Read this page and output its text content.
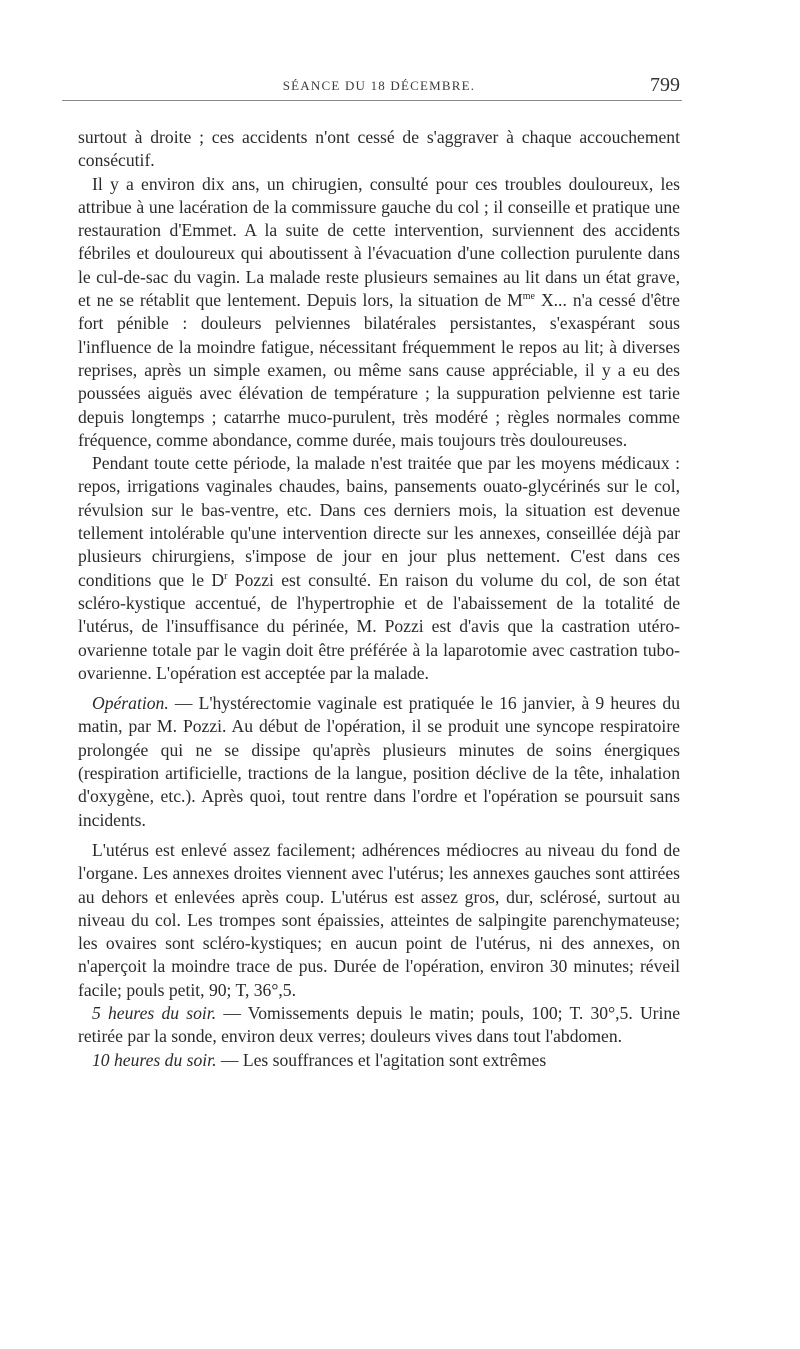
SÉANCE DU 18 DÉCEMBRE.	799

surtout à droite ; ces accidents n'ont cessé de s'aggraver à chaque accouchement consécutif.

Il y a environ dix ans, un chirugien, consulté pour ces troubles douloureux, les attribue à une lacération de la commissure gauche du col ; il conseille et pratique une restauration d'Emmet. A la suite de cette intervention, surviennent des accidents fébriles et douloureux qui aboutissent à l'évacuation d'une collection purulente dans le cul-de-sac du vagin. La malade reste plusieurs semaines au lit dans un état grave, et ne se rétablit que lentement. Depuis lors, la situation de $M^{me}$ X... n'a cessé d'être fort pénible : douleurs pelviennes bilatérales persistantes, s'exaspérant sous l'influence de la moindre fatigue, nécessitant fréquemment le repos au lit; à diverses reprises, après un simple examen, ou même sans cause appréciable, il y a eu des poussées aiguës avec élévation de température ; la suppuration pelvienne est tarie depuis longtemps ; catarrhe muco-purulent, très modéré ; règles normales comme fréquence, comme abondance, comme durée, mais toujours très douloureuses.

Pendant toute cette période, la malade n'est traitée que par les moyens médicaux : repos, irrigations vaginales chaudes, bains, pansements ouato-glycérinés sur le col, révulsion sur le bas-ventre, etc. Dans ces derniers mois, la situation est devenue tellement intolérable qu'une intervention directe sur les annexes, conseillée déjà par plusieurs chirurgiens, s'impose de jour en jour plus nettement. C'est dans ces conditions que le $D^r$ Pozzi est consulté. En raison du volume du col, de son état scléro-kystique accentué, de l'hypertrophie et de l'abaissement de la totalité de l'utérus, de l'insuffisance du périnée, M. Pozzi est d'avis que la castration utéro-ovarienne totale par le vagin doit être préférée à la laparotomie avec castration tubo-ovarienne. L'opération est acceptée par la malade.

Opération. — L'hystérectomie vaginale est pratiquée le 16 janvier, à 9 heures du matin, par M. Pozzi. Au début de l'opération, il se produit une syncope respiratoire prolongée qui ne se dissipe qu'après plusieurs minutes de soins énergiques (respiration artificielle, tractions de la langue, position déclive de la tête, inhalation d'oxygène, etc.). Après quoi, tout rentre dans l'ordre et l'opération se poursuit sans incidents.

L'utérus est enlevé assez facilement; adhérences médiocres au niveau du fond de l'organe. Les annexes droites viennent avec l'utérus; les annexes gauches sont attirées au dehors et enlevées après coup. L'utérus est assez gros, dur, sclérosé, surtout au niveau du col. Les trompes sont épaissies, atteintes de salpingite parenchymateuse; les ovaires sont scléro-kystiques; en aucun point de l'utérus, ni des annexes, on n'aperçoit la moindre trace de pus. Durée de l'opération, environ 30 minutes; réveil facile; pouls petit, 90; T, 36°,5.

5 heures du soir. — Vomissements depuis le matin; pouls, 100; T. 30°,5. Urine retirée par la sonde, environ deux verres; douleurs vives dans tout l'abdomen.

10 heures du soir. — Les souffrances et l'agitation sont extrêmes
